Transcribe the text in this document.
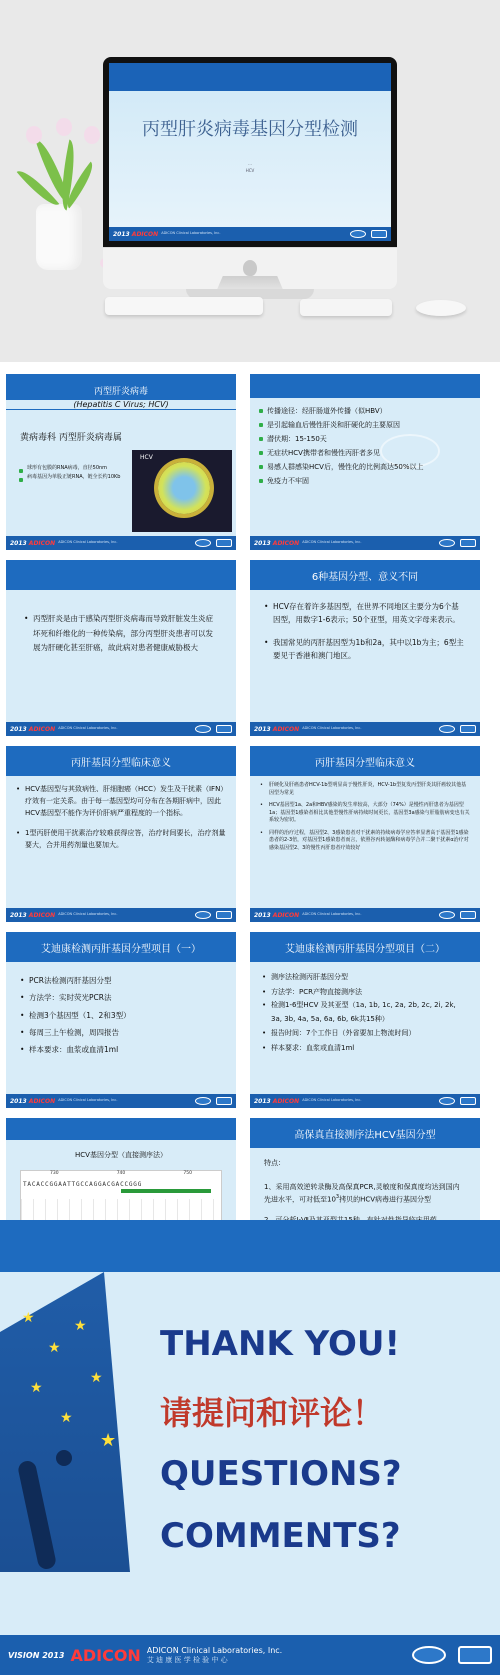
丙型肝炎病毒基因分型检测
...
HCV
2013 ADICON ADICON Clinical Laboratories, Inc.
丙型肝炎病毒
(Hepatitis C Virus; HCV)
黄病毒科 丙型肝炎病毒属
球形有包膜的RNA病毒，直径50nm
病毒基因为单股正链RNA，链全长约10Kb
HCV
2013 ADICON ADICON Clinical Laboratories, Inc.
传播途径：经肝肠道外传播（似HBV）
是引起输血后慢性肝炎和肝硬化的主要原因
潜伏期：15-150天
无症状HCV携带者和慢性丙肝者多见
易感人群感染HCV后，慢性化的比例高达50%以上
免疫力不牢固
2013 ADICON ADICON Clinical Laboratories, Inc.
• 丙型肝炎是由于感染丙型肝炎病毒而导致肝脏发生炎症坏死和纤维化的一种传染病，部分丙型肝炎患者可以发展为肝硬化甚至肝癌，故此病对患者健康威胁极大
2013 ADICON ADICON Clinical Laboratories, Inc.
6种基因分型、意义不同
• HCV存在着许多基因型，在世界不同地区主要分为6个基因型，用数字1-6表示；50个亚型，用英文字母来表示。
• 我国常见的丙肝基因型为1b和2a，其中以1b为主；6型主要见于香港和澳门地区。
2013 ADICON ADICON Clinical Laboratories, Inc.
丙肝基因分型临床意义
• HCV基因型与其致病性、肝细胞癌（HCC）发生及干扰素（IFN）疗效有一定关系。由于每一基因型均可分布在各期肝病中，因此HCV基因型不能作为评价肝病严重程度的一个指标。
• 1型丙肝使用干扰素治疗较难获得应答，治疗时间要长，治疗剂量要大，合并用药剂量也要加大。
2013 ADICON ADICON Clinical Laboratories, Inc.
丙肝基因分型临床意义
• 肝硬化及肝癌患者HCV-1b型明显高于慢性肝炎，HCV-1b型复发丙型肝炎其肝癌较其他基因型为常见
• HCV基因型1a、2a和HBV感染的发生率较高，大部分（74%）是慢性丙肝患者为基因型1a；基因型1感染者相比其他型慢性肝病持续时间更长，基因型3a感染与肝脂肪病变也有关系较为密切。
• 同样的治疗过程，基因型2、3感染患者对干扰素的持续病毒学应答率显著高于基因型1感染患者的2-3倍，对基因型1感染患者而言，依照谷丙转氨酶和病毒学合并二聚干扰素α治疗对感染基因型2、3的慢性丙肝患者疗效较好
2013 ADICON ADICON Clinical Laboratories, Inc.
艾迪康检测丙肝基因分型项目（一）
• PCR法检测丙肝基因分型
• 方法学：实时荧光PCR法
• 检测3个基因型（1、2和3型）
• 每周三上午检测，周四报告
• 样本要求：血浆或血清1ml
2013 ADICON ADICON Clinical Laboratories, Inc.
艾迪康检测丙肝基因分型项目（二）
• 测序法检测丙肝基因分型
• 方法学：PCR产物直接测序法
• 检测1-6型HCV 及其亚型（1a, 1b, 1c, 2a, 2b, 2c, 2i, 2k, 3a, 3b, 4a, 5a, 6a, 6b, 6k共15种）
• 报告时间：7个工作日（外省要加上物流时间）
• 样本要求：血浆或血清1ml
2013 ADICON ADICON Clinical Laboratories, Inc.
HCV基因分型（直接测序法）
730	740	750
TACACCGGAATTGCCAGGACGACCGGG
高保真直接测序法HCV基因分型
特点：
1、采用高效逆转录酶及高保真PCR,灵敏度和保真度均达到国内先进水平，可对低至$10^3$拷贝的HCV病毒进行基因分型
★
★
★
★
★
★
★
THANK YOU!
请提问和评论！
QUESTIONS?
COMMENTS?
VISION 2013 ADICON ADICON Clinical Laboratories, Inc.
艾 迪 康 医 学 检 验 中 心
